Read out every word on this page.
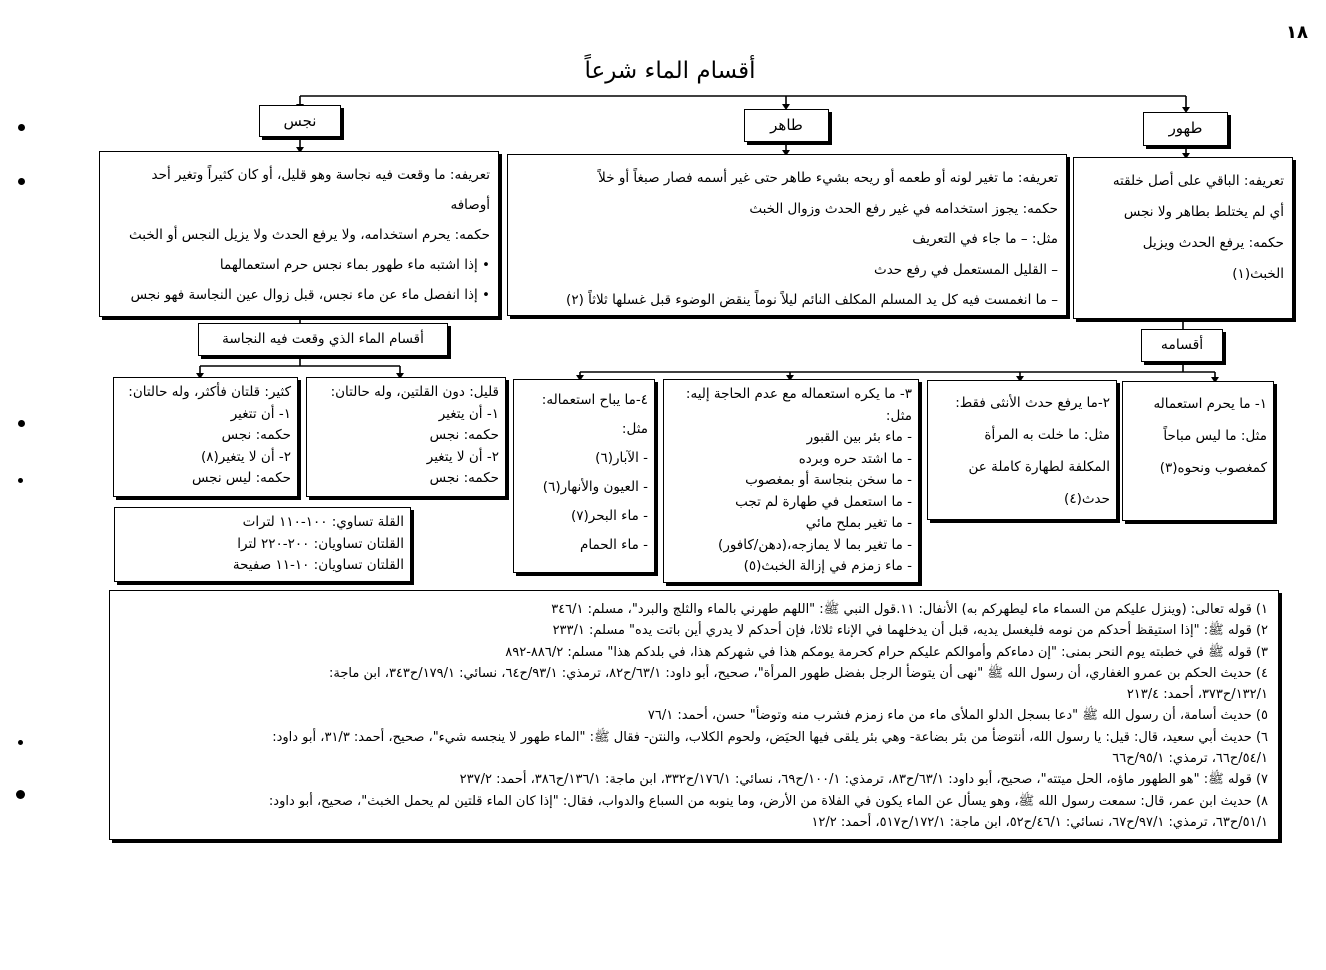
١٨
أقسام الماء شرعاً
نجس	طاهر	طهور
تعريفه: ما وقعت فيه نجاسة وهو قليل، أو كان كثيراً وتغير أحد
أوصافه
حكمه: يحرم استخدامه، ولا يرفع الحدث ولا يزيل النجس أو الخبث
• إذا اشتبه ماء طهور بماء نجس حرم استعمالهما
• إذا انفصل ماء عن ماء نجس، قبل زوال عين النجاسة فهو نجس
تعريفه: ما تغير لونه أو طعمه أو ريحه بشيء طاهر حتى غير أسمه فصار صبغاً أو خلاً
حكمه: يجوز استخدامه في غير رفع الحدث وزوال الخبث
مثل: – ما جاء في التعريف
– القليل المستعمل في رفع حدث
– ما انغمست فيه كل يد المسلم المكلف النائم ليلاً نوماً ينقض الوضوء قبل غسلها ثلاثاً (٢)
تعريفه: الباقي على أصل خلقته
أي لم يختلط بطاهر ولا نجس
حكمه: يرفع الحدث ويزيل
الخبث(١)
أقسام الماء الذي وقعت فيه النجاسة	أقسامه
١- ما يحرم استعماله
مثل: ما ليس مباحاً
كمغصوب ونحوه(٣)
٢-ما يرفع حدث الأنثى فقط:
مثل: ما خلت به المرأة
المكلفة لطهارة كاملة عن
حدث(٤)
٣- ما يكره استعماله مع عدم الحاجة إليه:
مثل:
- ماء بئر بين القبور
- ما اشتد حره وبرده
- ما سخن بنجاسة أو بمغصوب
- ما استعمل في طهارة لم تجب
- ما تغير بملح مائي
- ما تغير بما لا يمازجه،(دهن/كافور)
- ماء زمزم في إزالة الخبث(٥)
٤-ما يباح استعماله:
مثل:
- الآبار(٦)
- العيون والأنهار(٦)
- ماء البحر(٧)
- ماء الحمام
قليل: دون القلتين، وله حالتان:
١- أن يتغير
حكمه: نجس
٢- أن لا يتغير
حكمه: نجس
كثير: قلتان فأكثر، وله حالتان:
١- أن تتغير
حكمه: نجس
٢- أن لا يتغير(٨)
حكمه: ليس نجس
القلة تساوي: ١٠٠-١١٠ لترات
القلتان تساويان: ٢٠٠-٢٢٠ لترا
القلتان تساويان: ١٠-١١ صفيحة
١) قوله تعالى: (وينزل عليكم من السماء ماء ليطهركم به) الأنفال: ١١.قول النبي ﷺ: "اللهم طهرني بالماء والثلج والبرد"، مسلم: ٣٤٦/١
٢) قوله ﷺ: "إذا استيقظ أحدكم من نومه فليغسل يديه، قبل أن يدخلهما في الإناء ثلاثا، فإن أحدكم لا يدري أين باتت يده" مسلم: ٢٣٣/١
٣) قوله ﷺ في خطبته يوم النحر بمنى: "إن دماءكم وأموالكم عليكم حرام كحرمة يومكم هذا في شهركم هذا، في بلدكم هذا" مسلم: ٨٨٦/٢-٨٩٢
٤) حديث الحكم بن عمرو الغفاري، أن رسول الله ﷺ "نهى أن يتوضأ الرجل بفضل طهور المرأة"، صحيح، أبو داود: ٦٣/١/ح٨٢، ترمذي: ٩٣/١/ح٦٤، نسائي: ١٧٩/١/ح٣٤٣، ابن ماجة:
١٣٢/١/ح٣٧٣، أحمد: ٢١٣/٤
٥) حديث أسامة، أن رسول الله ﷺ "دعا بسجل الدلو الملأى ماء من ماء زمزم فشرب منه وتوضأ" حسن، أحمد: ٧٦/١
٦) حديث أبي سعيد، قال: قيل: يا رسول الله، أنتوضأ من بئر بضاعة- وهي بئر يلقى فيها الحيَض، ولحوم الكلاب، والنتن- فقال ﷺ: "الماء طهور لا ينجسه شيء"، صحيح، أحمد: ٣١/٣، أبو داود:
٥٤/١/ح٦٦، ترمذي: ٩٥/١/ح٦٦
٧) قوله ﷺ: "هو الطهور ماؤه، الحل ميتته"، صحيح، أبو داود: ٦٣/١/ح٨٣، ترمذي: ١٠٠/١/ح٦٩، نسائي: ١٧٦/١/ح٣٣٢، ابن ماجة: ١٣٦/١/ح٣٨٦، أحمد: ٢٣٧/٢
٨) حديث ابن عمر، قال: سمعت رسول الله ﷺ، وهو يسأل عن الماء يكون في الفلاة من الأرض، وما ينوبه من السباع والدواب، فقال: "إذا كان الماء قلتين لم يحمل الخبث"، صحيح، أبو داود:
٥١/١/ح٦٣، ترمذي: ٩٧/١/ح٦٧، نسائي: ٤٦/١/ح٥٢، ابن ماجة: ١٧٢/١/ح٥١٧، أحمد: ١٢/٢
